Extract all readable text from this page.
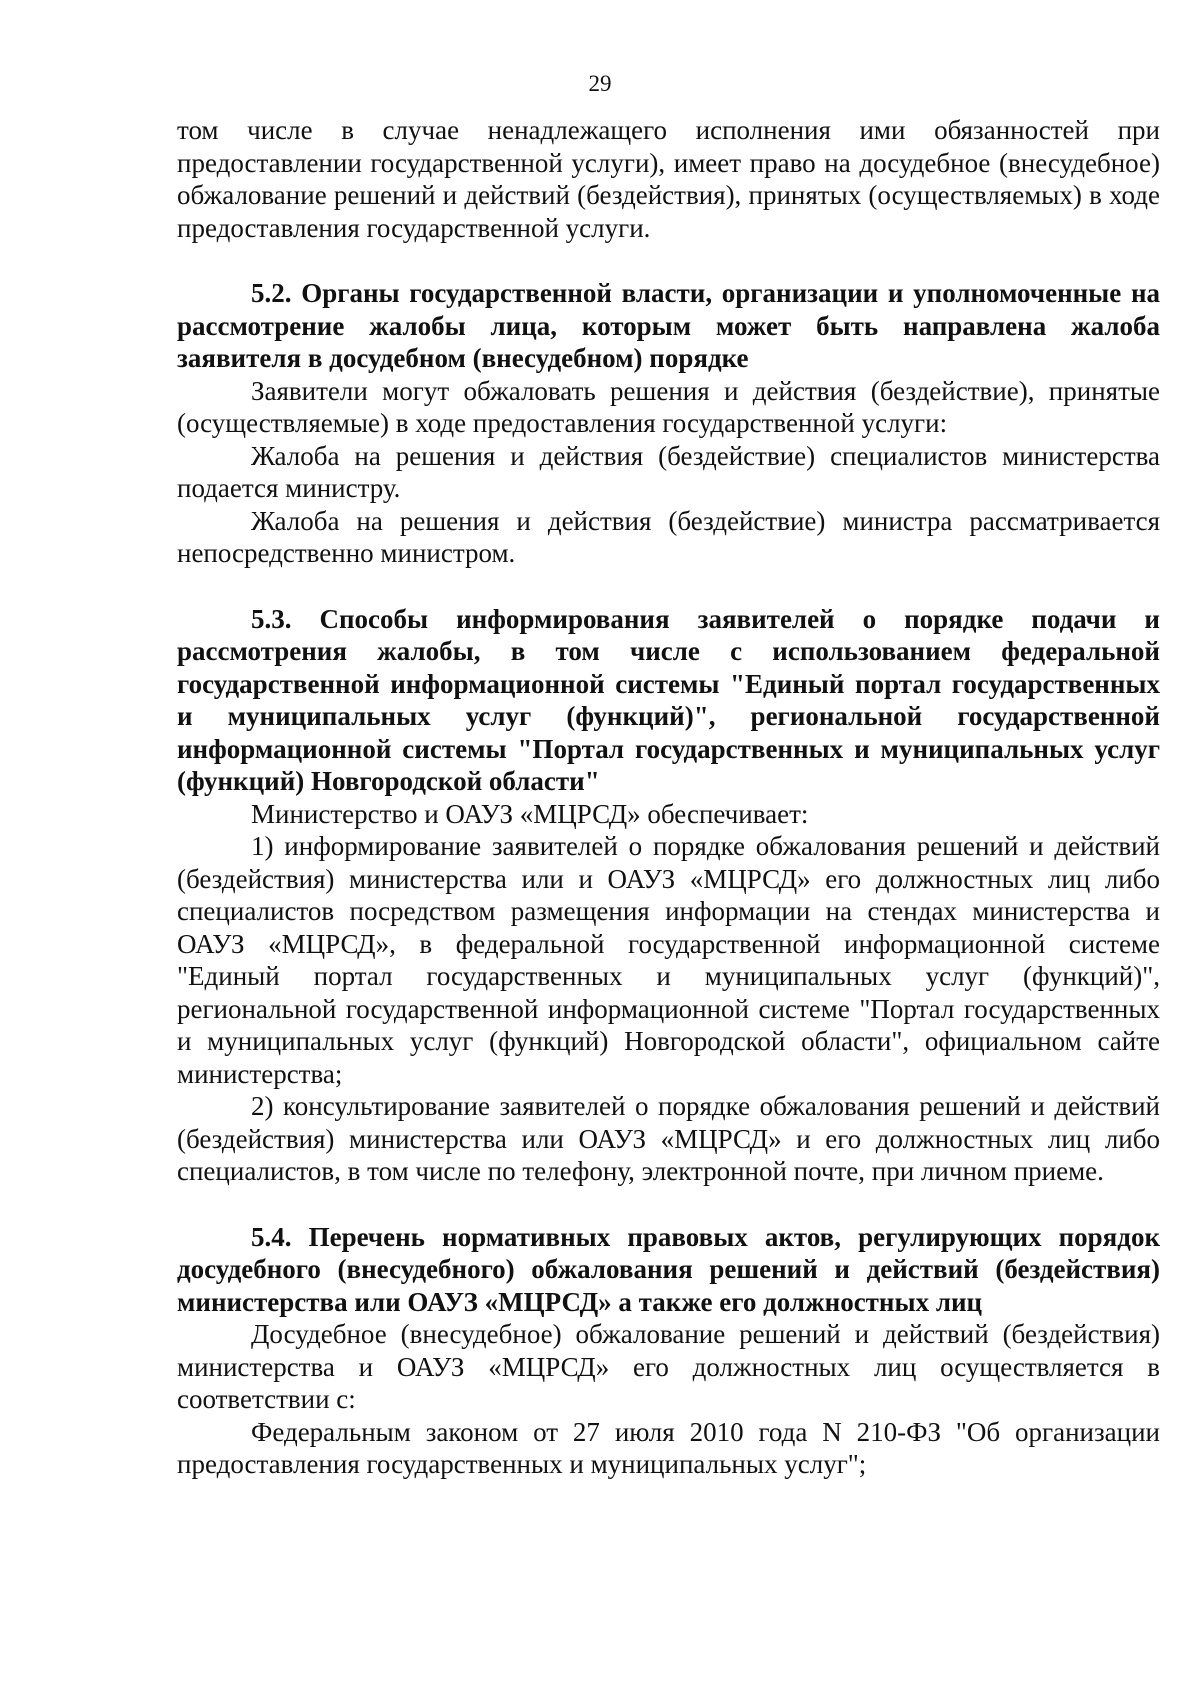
29

том числе в случае ненадлежащего исполнения ими обязанностей при предоставлении государственной услуги), имеет право на досудебное (внесудебное) обжалование решений и действий (бездействия), принятых (осуществляемых) в ходе предоставления государственной услуги.

5.2. Органы государственной власти, организации и уполномоченные на рассмотрение жалобы лица, которым может быть направлена жалоба заявителя в досудебном (внесудебном) порядке

Заявители могут обжаловать решения и действия (бездействие), принятые (осуществляемые) в ходе предоставления государственной услуги:

Жалоба на решения и действия (бездействие) специалистов министерства подается министру.

Жалоба на решения и действия (бездействие) министра рассматривается непосредственно министром.

5.3. Способы информирования заявителей о порядке подачи и рассмотрения жалобы, в том числе с использованием федеральной государственной информационной системы "Единый портал государственных и муниципальных услуг (функций)", региональной государственной информационной системы "Портал государственных и муниципальных услуг (функций) Новгородской области"

Министерство и ОАУЗ «МЦРСД» обеспечивает:

1) информирование заявителей о порядке обжалования решений и действий (бездействия) министерства или и ОАУЗ «МЦРСД» его должностных лиц либо специалистов посредством размещения информации на стендах министерства и ОАУЗ «МЦРСД», в федеральной государственной информационной системе "Единый портал государственных и муниципальных услуг (функций)", региональной государственной информационной системе "Портал государственных и муниципальных услуг (функций) Новгородской области", официальном сайте министерства;

2) консультирование заявителей о порядке обжалования решений и действий (бездействия) министерства или ОАУЗ «МЦРСД» и его должностных лиц либо специалистов, в том числе по телефону, электронной почте, при личном приеме.

5.4. Перечень нормативных правовых актов, регулирующих порядок досудебного (внесудебного) обжалования решений и действий (бездействия) министерства или ОАУЗ «МЦРСД» а также его должностных лиц

Досудебное (внесудебное) обжалование решений и действий (бездействия) министерства и ОАУЗ «МЦРСД» его должностных лиц осуществляется в соответствии с:

Федеральным законом от 27 июля 2010 года N 210-ФЗ "Об организации предоставления государственных и муниципальных услуг";
